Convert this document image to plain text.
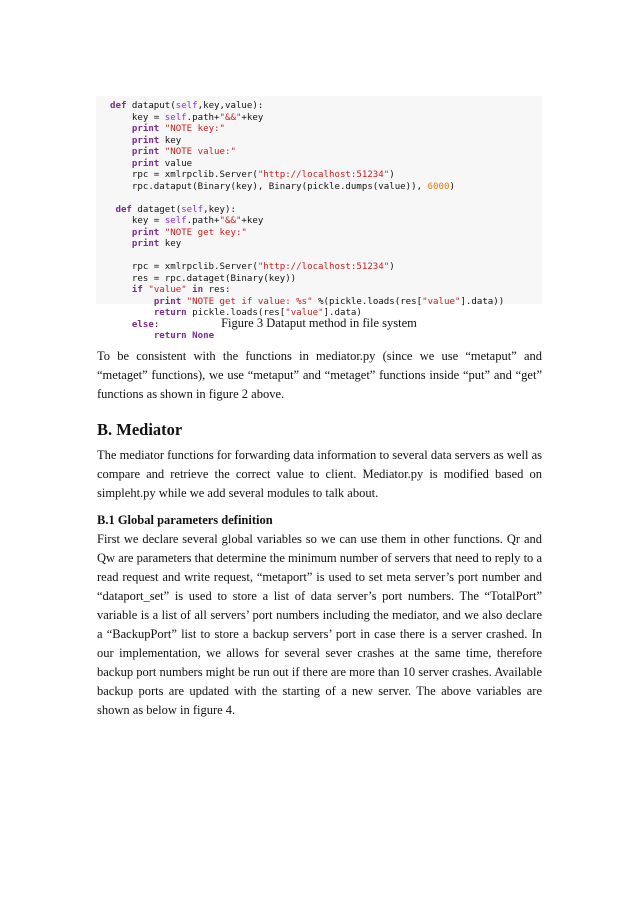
def dataput(self,key,value):
key = self.path+"&&"+key
print "NOTE key:"
print key
print "NOTE value:"
print value
rpc = xmlrpclib.Server("http://localhost:51234")
rpc.dataput(Binary(key), Binary(pickle.dumps(value)), 6000)

def dataget(self,key):
key = self.path+"&&"+key
print "NOTE get key:"
print key

rpc = xmlrpclib.Server("http://localhost:51234")
res = rpc.dataget(Binary(key))
if "value" in res:
print "NOTE get if value: %s" %(pickle.loads(res["value"].data))
return pickle.loads(res["value"].data)
else:
return None
Figure 3 Dataput method in file system

To be consistent with the functions in mediator.py (since we use “metaput” and “metaget” functions), we use “metaput” and “metaget” functions inside “put” and “get” functions as shown in figure 2 above.

B. Mediator

The mediator functions for forwarding data information to several data servers as well as compare and retrieve the correct value to client. Mediator.py is modified based on simpleht.py while we add several modules to talk about.

B.1 Global parameters definition

First we declare several global variables so we can use them in other functions. Qr and Qw are parameters that determine the minimum number of servers that need to reply to a read request and write request, “metaport” is used to set meta server’s port number and “dataport_set” is used to store a list of data server’s port numbers. The “TotalPort” variable is a list of all servers’ port numbers including the mediator, and we also declare a “BackupPort” list to store a backup servers’ port in case there is a server crashed. In our implementation, we allows for several sever crashes at the same time, therefore backup port numbers might be run out if there are more than 10 server crashes. Available backup ports are updated with the starting of a new server. The above variables are shown as below in figure 4.
